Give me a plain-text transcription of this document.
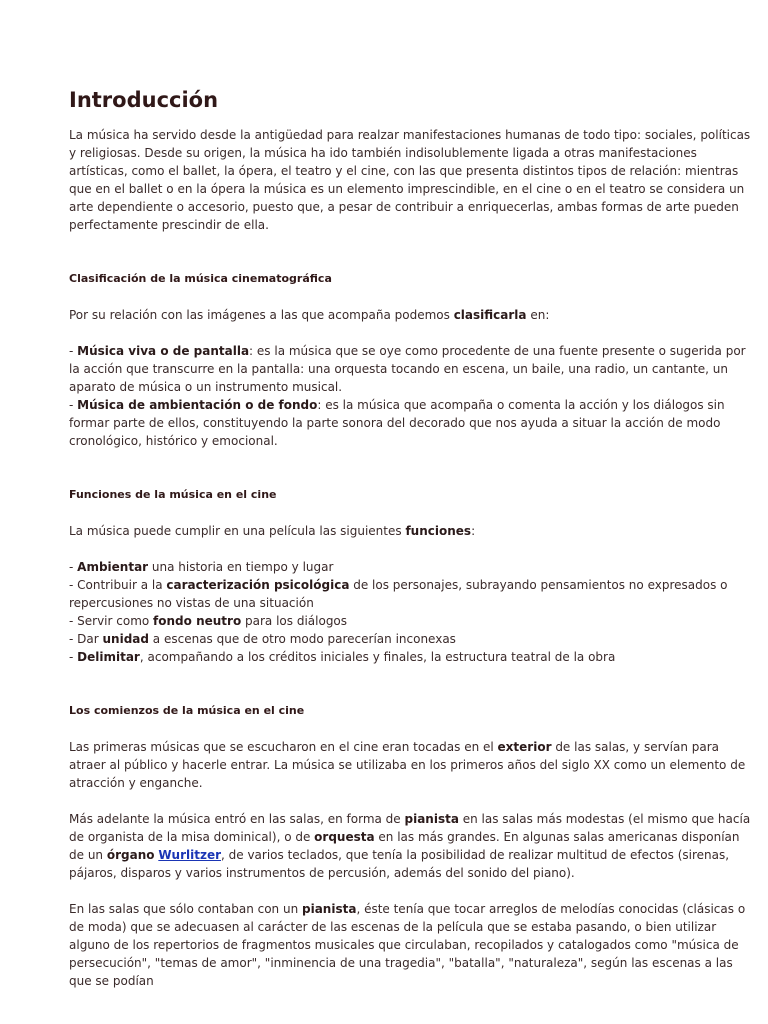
Introducción

La música ha servido desde la antigüedad para realzar manifestaciones humanas de todo tipo: sociales, políticas y religiosas. Desde su origen, la música ha ido también indisolublemente ligada a otras manifestaciones artísticas, como el ballet, la ópera, el teatro y el cine, con las que presenta distintos tipos de relación: mientras que en el ballet o en la ópera la música es un elemento imprescindible, en el cine o en el teatro se considera un arte dependiente o accesorio, puesto que, a pesar de contribuir a enriquecerlas, ambas formas de arte pueden perfectamente prescindir de ella.

Clasificación de la música cinematográfica

Por su relación con las imágenes a las que acompaña podemos clasificarla en:

- Música viva o de pantalla: es la música que se oye como procedente de una fuente presente o sugerida por la acción que transcurre en la pantalla: una orquesta tocando en escena, un baile, una radio, un cantante, un aparato de música o un instrumento musical.

- Música de ambientación o de fondo: es la música que acompaña o comenta la acción y los diálogos sin formar parte de ellos, constituyendo la parte sonora del decorado que nos ayuda a situar la acción de modo cronológico, histórico y emocional.

Funciones de la música en el cine

La música puede cumplir en una película las siguientes funciones:

- Ambientar una historia en tiempo y lugar

- Contribuir a la caracterización psicológica de los personajes, subrayando pensamientos no expresados o repercusiones no vistas de una situación

- Servir como fondo neutro para los diálogos

- Dar unidad a escenas que de otro modo parecerían inconexas

- Delimitar, acompañando a los créditos iniciales y finales, la estructura teatral de la obra

Los comienzos de la música en el cine

Las primeras músicas que se escucharon en el cine eran tocadas en el exterior de las salas, y servían para atraer al público y hacerle entrar. La música se utilizaba en los primeros años del siglo XX como un elemento de atracción y enganche.

Más adelante la música entró en las salas, en forma de pianista en las salas más modestas (el mismo que hacía de organista de la misa dominical), o de orquesta en las más grandes. En algunas salas americanas disponían de un órgano Wurlitzer, de varios teclados, que tenía la posibilidad de realizar multitud de efectos (sirenas, pájaros, disparos y varios instrumentos de percusión, además del sonido del piano).

En las salas que sólo contaban con un pianista, éste tenía que tocar arreglos de melodías conocidas (clásicas o de moda) que se adecuasen al carácter de las escenas de la película que se estaba pasando, o bien utilizar alguno de los repertorios de fragmentos musicales que circulaban, recopilados y catalogados como "música de persecución", "temas de amor", "inminencia de una tragedia", "batalla", "naturaleza", según las escenas a las que se podían
